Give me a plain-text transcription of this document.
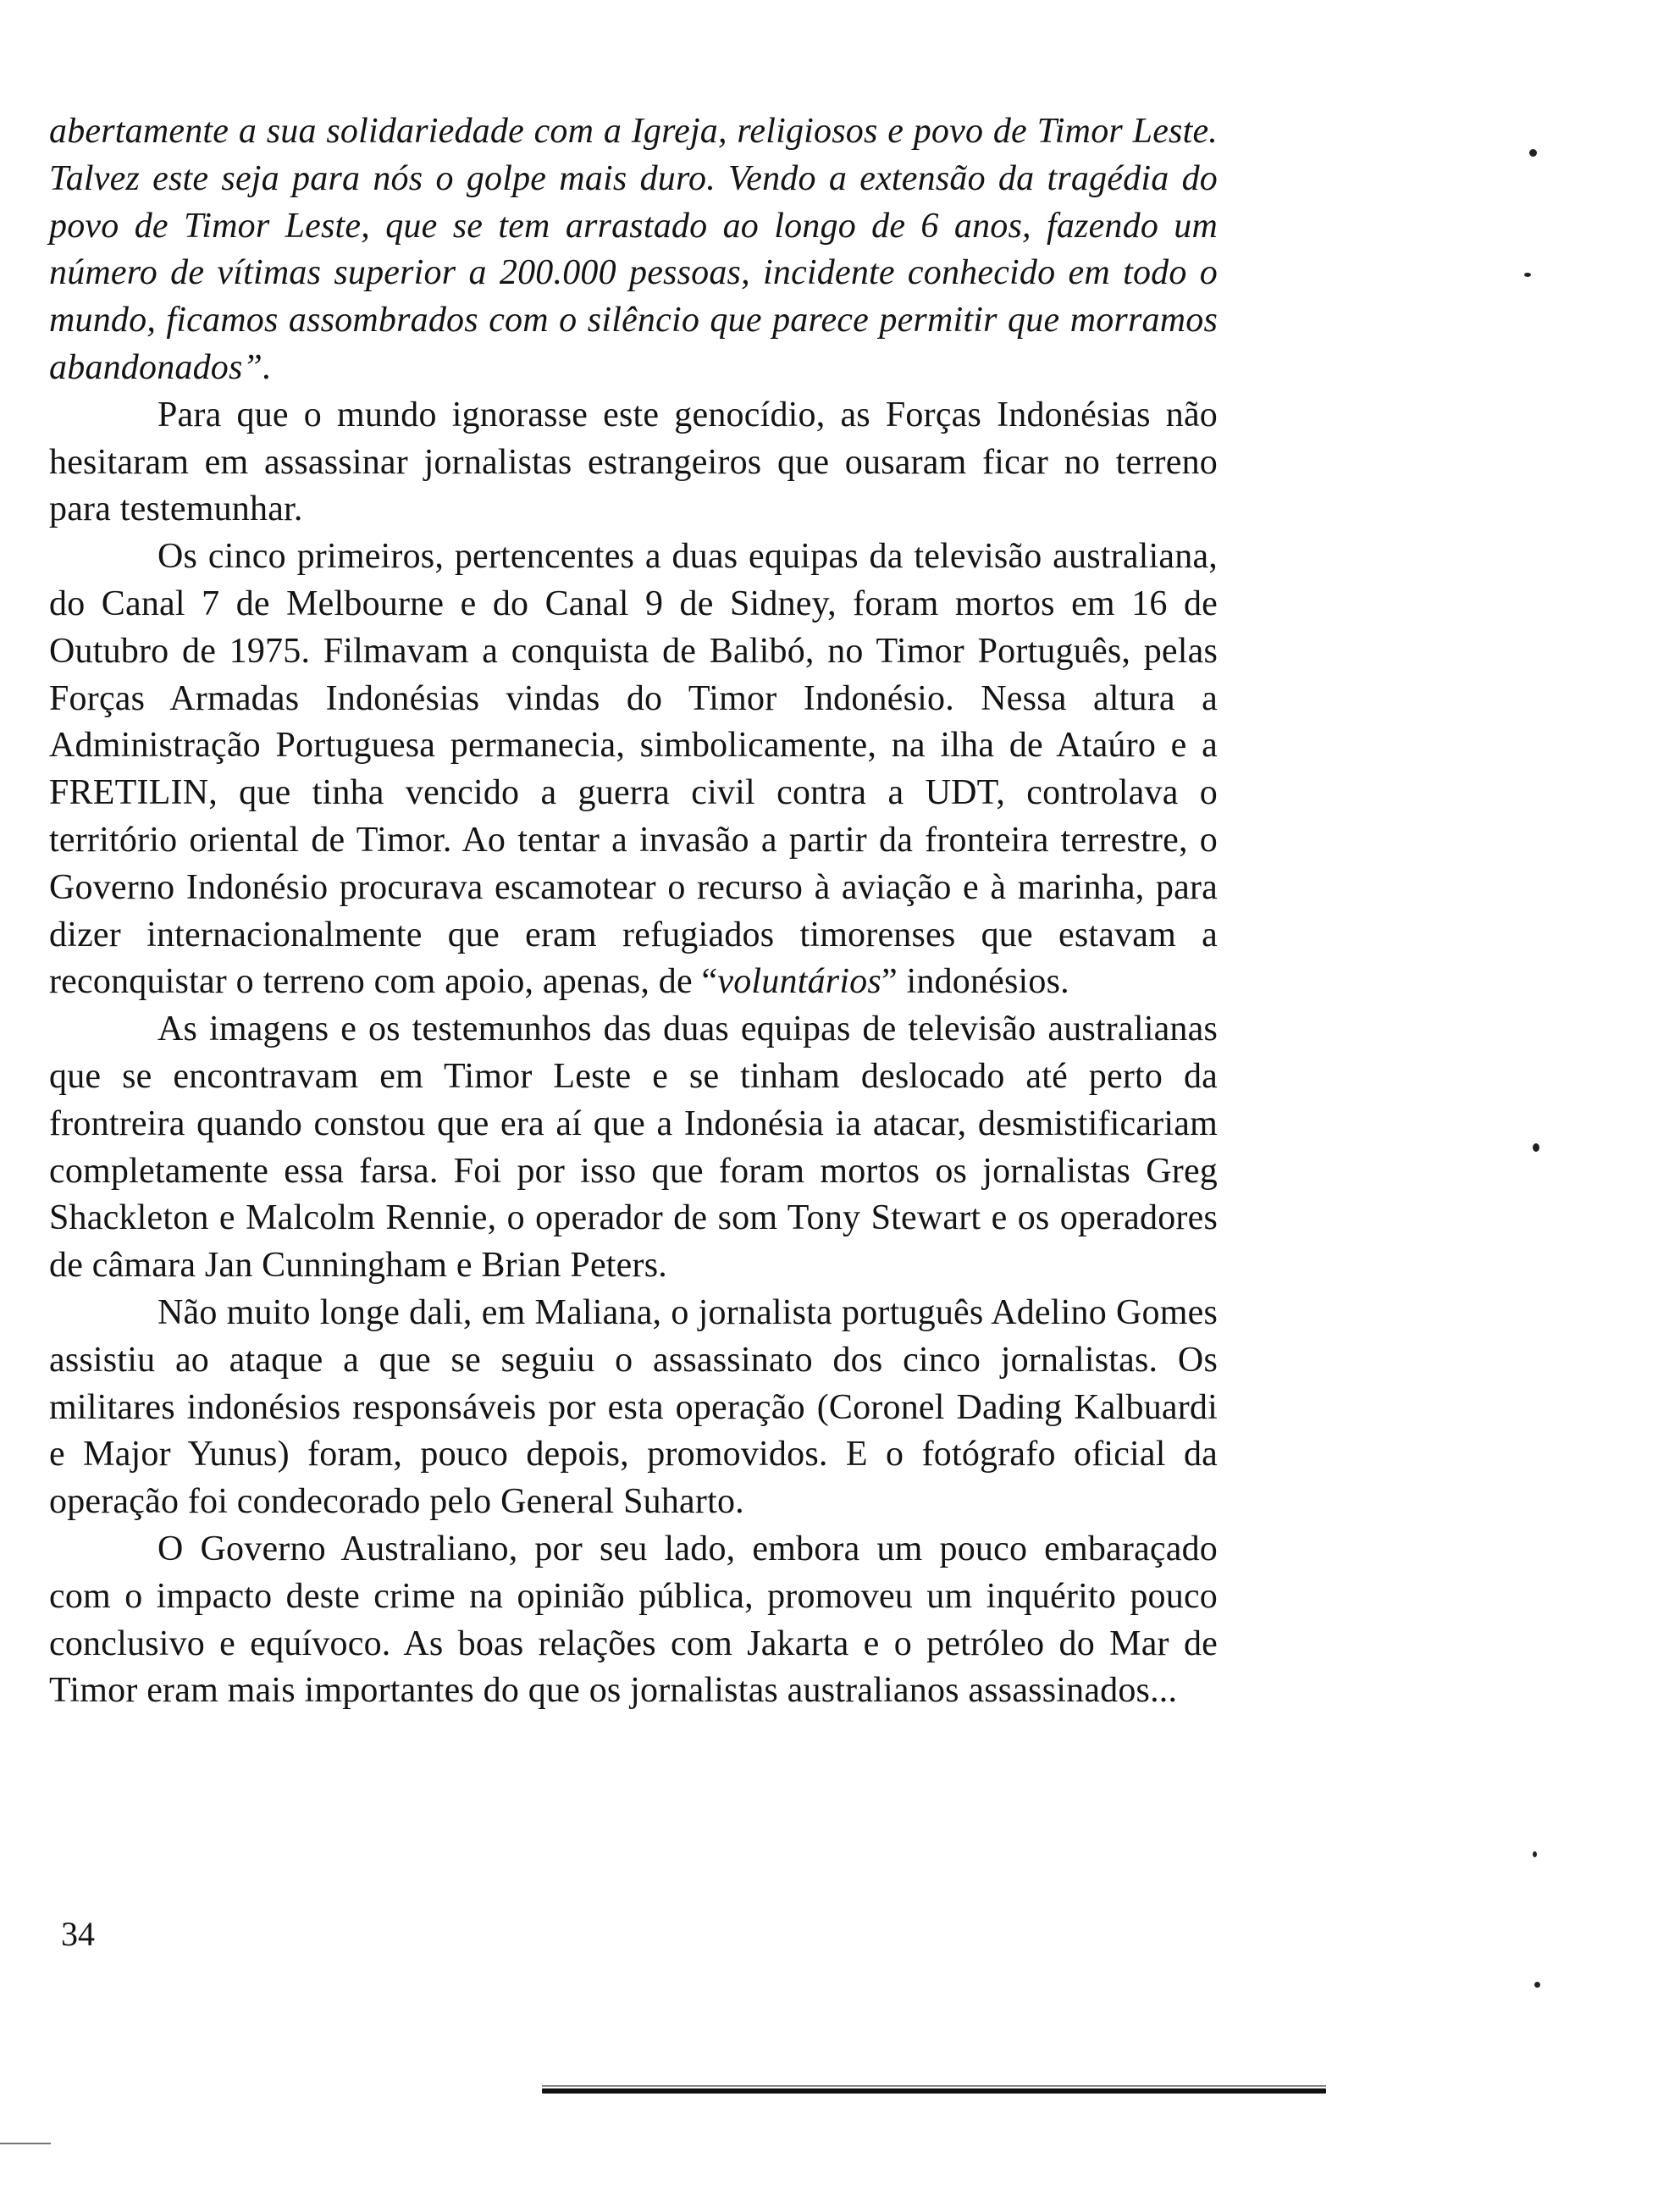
abertamente a sua solidariedade com a Igreja, religiosos e povo de Timor Leste. Talvez este seja para nós o golpe mais duro. Vendo a extensão da tragédia do povo de Timor Leste, que se tem arrastado ao longo de 6 anos, fazendo um número de vítimas superior a 200.000 pessoas, incidente conhecido em todo o mundo, ficamos assombrados com o silêncio que parece permitir que morramos abandonados”.

Para que o mundo ignorasse este genocídio, as Forças Indonésias não hesitaram em assassinar jornalistas estrangeiros que ousaram ficar no terreno para testemunhar.

Os cinco primeiros, pertencentes a duas equipas da televisão australiana, do Canal 7 de Melbourne e do Canal 9 de Sidney, foram mortos em 16 de Outubro de 1975. Filmavam a conquista de Balibó, no Timor Português, pelas Forças Armadas Indonésias vindas do Timor Indonésio. Nessa altura a Administração Portuguesa permanecia, simbolicamente, na ilha de Ataúro e a FRETILIN, que tinha vencido a guerra civil contra a UDT, controlava o território oriental de Timor. Ao tentar a invasão a partir da fronteira terrestre, o Governo Indonésio procurava escamotear o recurso à aviação e à marinha, para dizer internacionalmente que eram refugiados timorenses que estavam a reconquistar o terreno com apoio, apenas, de “voluntários” indonésios.

As imagens e os testemunhos das duas equipas de televisão australianas que se encontravam em Timor Leste e se tinham deslocado até perto da frontreira quando constou que era aí que a Indonésia ia atacar, desmistificariam completamente essa farsa. Foi por isso que foram mortos os jornalistas Greg Shackleton e Malcolm Rennie, o operador de som Tony Stewart e os operadores de câmara Jan Cunningham e Brian Peters.

Não muito longe dali, em Maliana, o jornalista português Adelino Gomes assistiu ao ataque a que se seguiu o assassinato dos cinco jornalistas. Os militares indonésios responsáveis por esta operação (Coronel Dading Kalbuardi e Major Yunus) foram, pouco depois, promovidos. E o fotógrafo oficial da operação foi condecorado pelo General Suharto.

O Governo Australiano, por seu lado, embora um pouco embaraçado com o impacto deste crime na opinião pública, promoveu um inquérito pouco conclusivo e equívoco. As boas relações com Jakarta e o petróleo do Mar de Timor eram mais importantes do que os jornalistas australianos assassinados...

34
